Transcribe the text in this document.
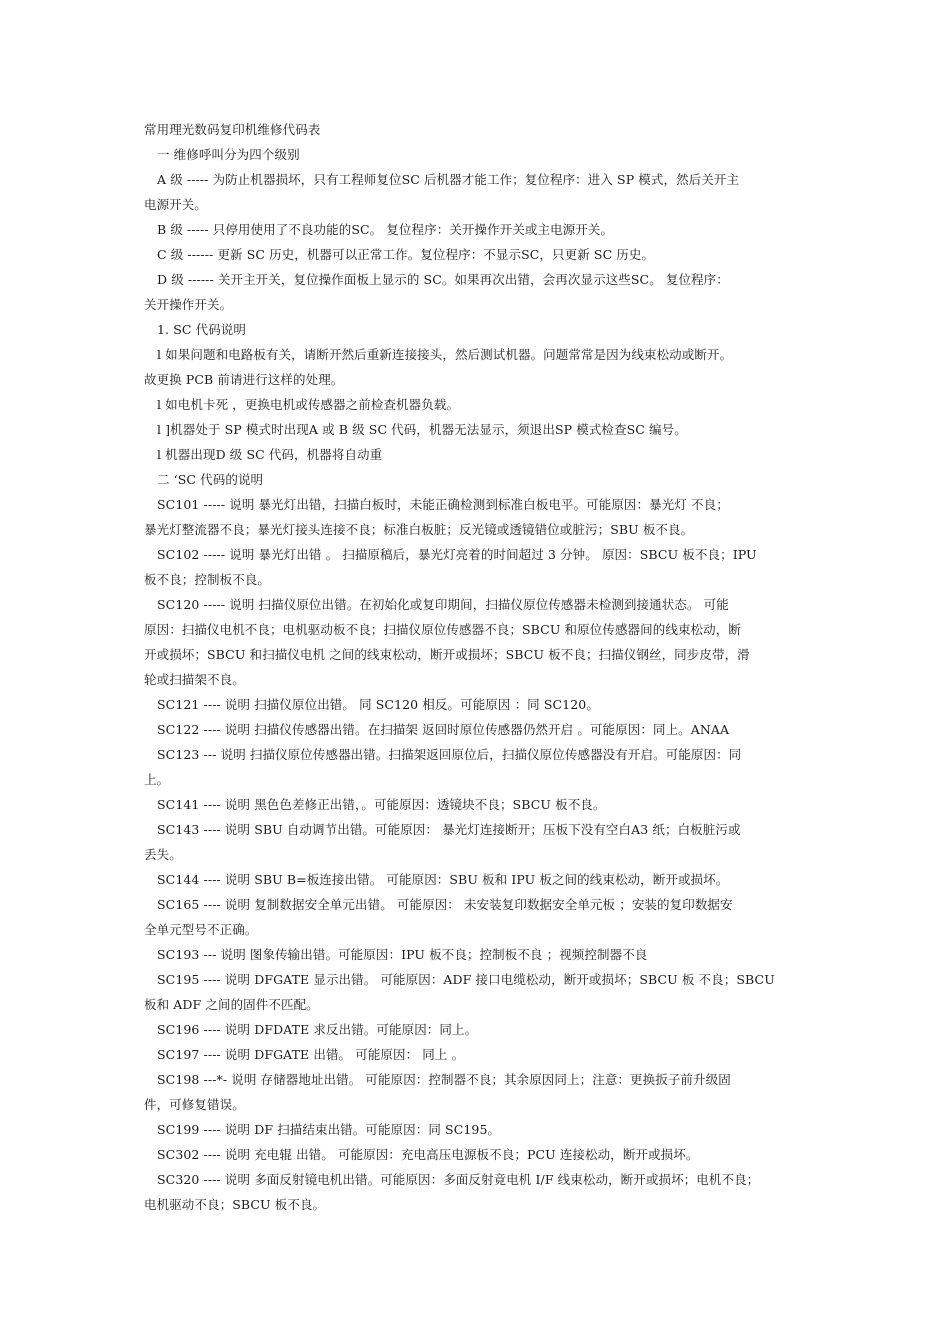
常用理光数码复印机维修代码表

一 维修呼叫分为四个级别

A 级 ----- 为防止机器损坏，只有工程师复位SC 后机器才能工作；复位程序：进入 SP 模式，然后关开主

电源开关。

B 级 ----- 只停用使用了不良功能的SC。 复位程序：关开操作开关或主电源开关。

C 级 ------ 更新 SC 历史，机器可以正常工作。复位程序：不显示SC，只更新 SC 历史。

D 级 ------ 关开主开关，复位操作面板上显示的 SC。如果再次出错，会再次显示这些SC。 复位程序：

关开操作开关。

1. SC 代码说明

l 如果问题和电路板有关，请断开然后重新连接接头，然后测试机器。问题常常是因为线束松动或断开。

故更换 PCB 前请进行这样的处理。

l 如电机卡死 ，更换电机或传感器之前检查机器负载。

l ]机器处于 SP 模式时出现A 或 B 级 SC 代码，机器无法显示，须退出SP 模式检查SC 编号。

l 机器出现D 级 SC 代码，机器将自动重

二 ‘SC 代码的说明

SC101 ----- 说明 暴光灯出错，扫描白板时，未能正确检测到标准白板电平。可能原因：暴光灯 不良；

暴光灯整流器不良；暴光灯接头连接不良；标准白板脏；反光镜或透镜错位或脏污；SBU 板不良。

SC102 ----- 说明 暴光灯出错 。 扫描原稿后，暴光灯亮着的时间超过 3 分钟。 原因：SBCU 板不良；IPU

板不良；控制板不良。

SC120 ----- 说明 扫描仪原位出错。在初始化或复印期间，扫描仪原位传感器未检测到接通状态。 可能

原因：扫描仪电机不良；电机驱动板不良；扫描仪原位传感器不良；SBCU 和原位传感器间的线束松动，断

开或损坏；SBCU 和扫描仪电机 之间的线束松动，断开或损坏；SBCU 板不良；扫描仪钢丝，同步皮带，滑

轮或扫描架不良。

SC121 ---- 说明 扫描仪原位出错。 同 SC120 相反。可能原因 ：同 SC120。

SC122 ---- 说明 扫描仪传感器出错。在扫描架 返回时原位传感器仍然开启 。可能原因：同上。ANAA

SC123 --- 说明 扫描仪原位传感器出错。扫描架返回原位后，扫描仪原位传感器没有开启。可能原因：同

上。

SC141 ---- 说明 黑色色差修正出错，。可能原因：透镜块不良；SBCU 板不良。

SC143 ---- 说明 SBU 自动调节出错。可能原因： 暴光灯连接断开；压板下没有空白A3 纸；白板脏污或

丢失。

SC144 ---- 说明 SBU B=板连接出错。 可能原因：SBU 板和 IPU 板之间的线束松动，断开或损坏。

SC165 ---- 说明 复制数据安全单元出错。 可能原因： 未安装复印数据安全单元板 ；安装的复印数据安

全单元型号不正确。

SC193 --- 说明 图象传输出错。可能原因：IPU 板不良；控制板不良 ；视频控制器不良

SC195 ---- 说明 DFGATE 显示出错。 可能原因：ADF 接口电缆松动，断开或损坏；SBCU 板 不良；SBCU

板和 ADF 之间的固件不匹配。

SC196 ---- 说明 DFDATE 求反出错。可能原因：同上。

SC197 ---- 说明 DFGATE 出错。 可能原因： 同上 。

SC198 ---*- 说明 存储器地址出错。 可能原因：控制器不良；其余原因同上；注意：更换扳子前升级固

件，可修复错误。

SC199 ---- 说明 DF 扫描结束出错。可能原因：同 SC195。

SC302 ---- 说明 充电辊 出错。 可能原因：充电高压电源板不良；PCU 连接松动，断开或损坏。

SC320 ---- 说明 多面反射镜电机出错。可能原因：多面反射竟电机 I/F 线束松动，断开或损坏；电机不良；

电机驱动不良；SBCU 板不良。
